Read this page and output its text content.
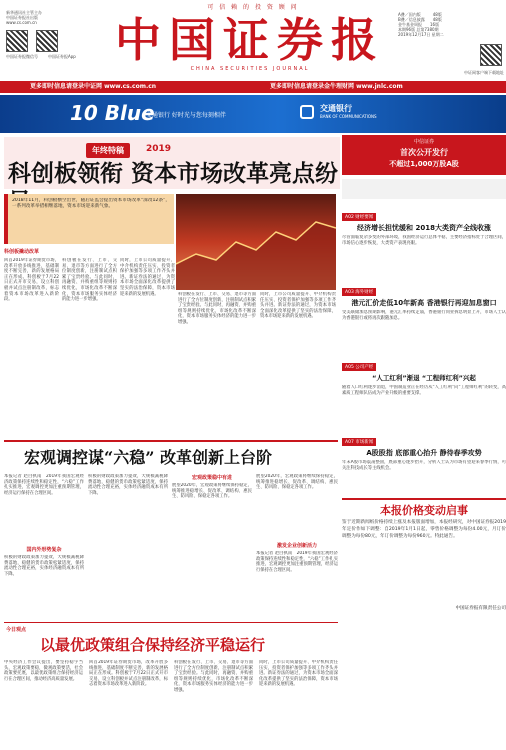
可 信 赖 的 投 资 顾 问
新华通讯社主管主办
中国证券报社出版
www.cs.com.cn
中国证券报微信号	中国证券报App 中国证券报
CHINA SECURITIES JOURNAL
A叠／国内版　　　48版
B叠／信息披露　　48版
金牛基金周报　　16版
本期96版 总第7380期
2019年12月17日 星期二
中证网客户端下载地址
更多即时信息请登录中证网 www.cs.com.cn	更多即时信息请登录金牛理财网 www.jnlc.com
10 Blue
交通银行 好时光与您每刻相伴
交通银行
BANK OF COMMUNICATIONS
年终特稿	2019
科创板领衔 资本市场改革亮点纷
2018年11月，科创板横空出世，随后证监会提出资本市场改革“深改12条”，一系列改革举措相继落地，资本市场迎来新气象。
科创板撬动改革
回首2019年证券期货市场，改革开放多线推进，基础制度不断完善，新的发展格局正在形成。科创板于7月22日正式开市交易，设立科创板并试点注册制改革，标志着资本市场改革进入新阶段。
科创板在发行、上市、交易、退市等方面进行了全方位制度创新，注册制试点积累了宝贵经验。与此同时，再融资、并购重组等规则持续优化，市场化改革不断深化，资本市场服务实体经济的能力进一步增强。
同时，上市公司质量提升、中介机构责任压实、投资者保护加强等多项工作齐头并进。新证券法的通过，为资本市场全面深化改革提供了坚实的法治保障，资本市场迎来新的发展机遇。	科创板在发行、上市、交易、退市等方面进行了全方位制度创新，注册制试点积累了宝贵经验。与此同时，再融资、并购重组等规则持续优化，市场化改革不断深化，资本市场服务实体经济的能力进一步增强。
同时，上市公司质量提升、中介机构责任压实、投资者保护加强等多项工作齐头并进。新证券法的通过，为资本市场全面深化改革提供了坚实的法治保障，资本市场迎来新的发展机遇。
宏观调控谋“六稳” 改革创新上台阶
本报记者 赵白执南　2019年我国宏观经济政策保持连续性和稳定性，“六稳”工作扎实推进，宏观调控更加注重预期管理，经济运行保持在合理区间。
国内外形势复杂
积极的财政政策加力提效，大规模减税降费落地，稳健的货币政策松紧适度，保持流动性合理充裕，实体经济融资成本有所下降。
积极的财政政策加力提效，大规模减税降费落地，稳健的货币政策松紧适度，保持流动性合理充裕，实体经济融资成本有所下降。
宏观政策稳中有进
展望2020年，宏观政策将继续保持稳定，统筹推进稳增长、促改革、调结构、惠民生、防风险、保稳定各项工作。
展望2020年，宏观政策将继续保持稳定，统筹推进稳增长、促改革、调结构、惠民生、防风险、保稳定各项工作。
激发企业创新活力
本报记者 赵白执南　2019年我国宏观经济政策保持连续性和稳定性，“六稳”工作扎实推进，宏观调控更加注重预期管理，经济运行保持在合理区间。
今日观点
以最优政策组合保持经济平稳运行
中央经济工作会议提出，要坚持稳字当头，宏观政策要稳，微观政策要活，社会政策要托底，以最优政策组合保持经济运行在合理区间，推动经济高质量发展。
回首2019年证券期货市场，改革开放多线推进，基础制度不断完善，新的发展格局正在形成。科创板于7月22日正式开市交易，设立科创板并试点注册制改革，标志着资本市场改革进入新阶段。
科创板在发行、上市、交易、退市等方面进行了全方位制度创新，注册制试点积累了宝贵经验。与此同时，再融资、并购重组等规则持续优化，市场化改革不断深化，资本市场服务实体经济的能力进一步增强。
同时，上市公司质量提升、中介机构责任压实、投资者保护加强等多项工作齐头并进。新证券法的通过，为资本市场全面深化改革提供了坚实的法治保障，资本市场迎来新的发展机遇。
中信证券
首次公开发行
不超过1,000万股A股
A02 财经要闻
经济增长担忧缓和 2018大类资产全线收涨
尽管面临复杂多变的外部环境，我国经济运行总体平稳，主要经济指标处于合理区间，市场信心逐步恢复，大类资产表现亮眼。
A03 海外财经
港元汇价走低10年新高 香港银行再迎加息窗口
受美联储加息预期影响，港元汇率持续走弱，香港银行同业拆息明显上升，市场人士认为香港银行或将再次跟随加息。
A05 公司产经
“人工红利”渐退 “工程师红利”兴起
随着人口红利逐步消退，中国制造业正在经历从“人工红利”向“工程师红利”的转变，高素质工程师队伍成为产业升级的重要支撑。
A07 市场新闻
A股股指 底部重心抬升 静待春季攻势
年末A股市场震荡整固，底部重心逐步抬升，分析人士认为市场有望迎来春季行情，可关注科技成长等主线机会。
本报价格变动启事
鉴于近期新闻纸价格持续上涨及本报版面增加，本报经研究，对中国证券报2019年定价作如下调整：自2019年1月1日起，零售价格调整为每份4.00元，月订价调整为每份80元，年订价调整为每份960元。特此通告。
中国证券报有限责任公司
